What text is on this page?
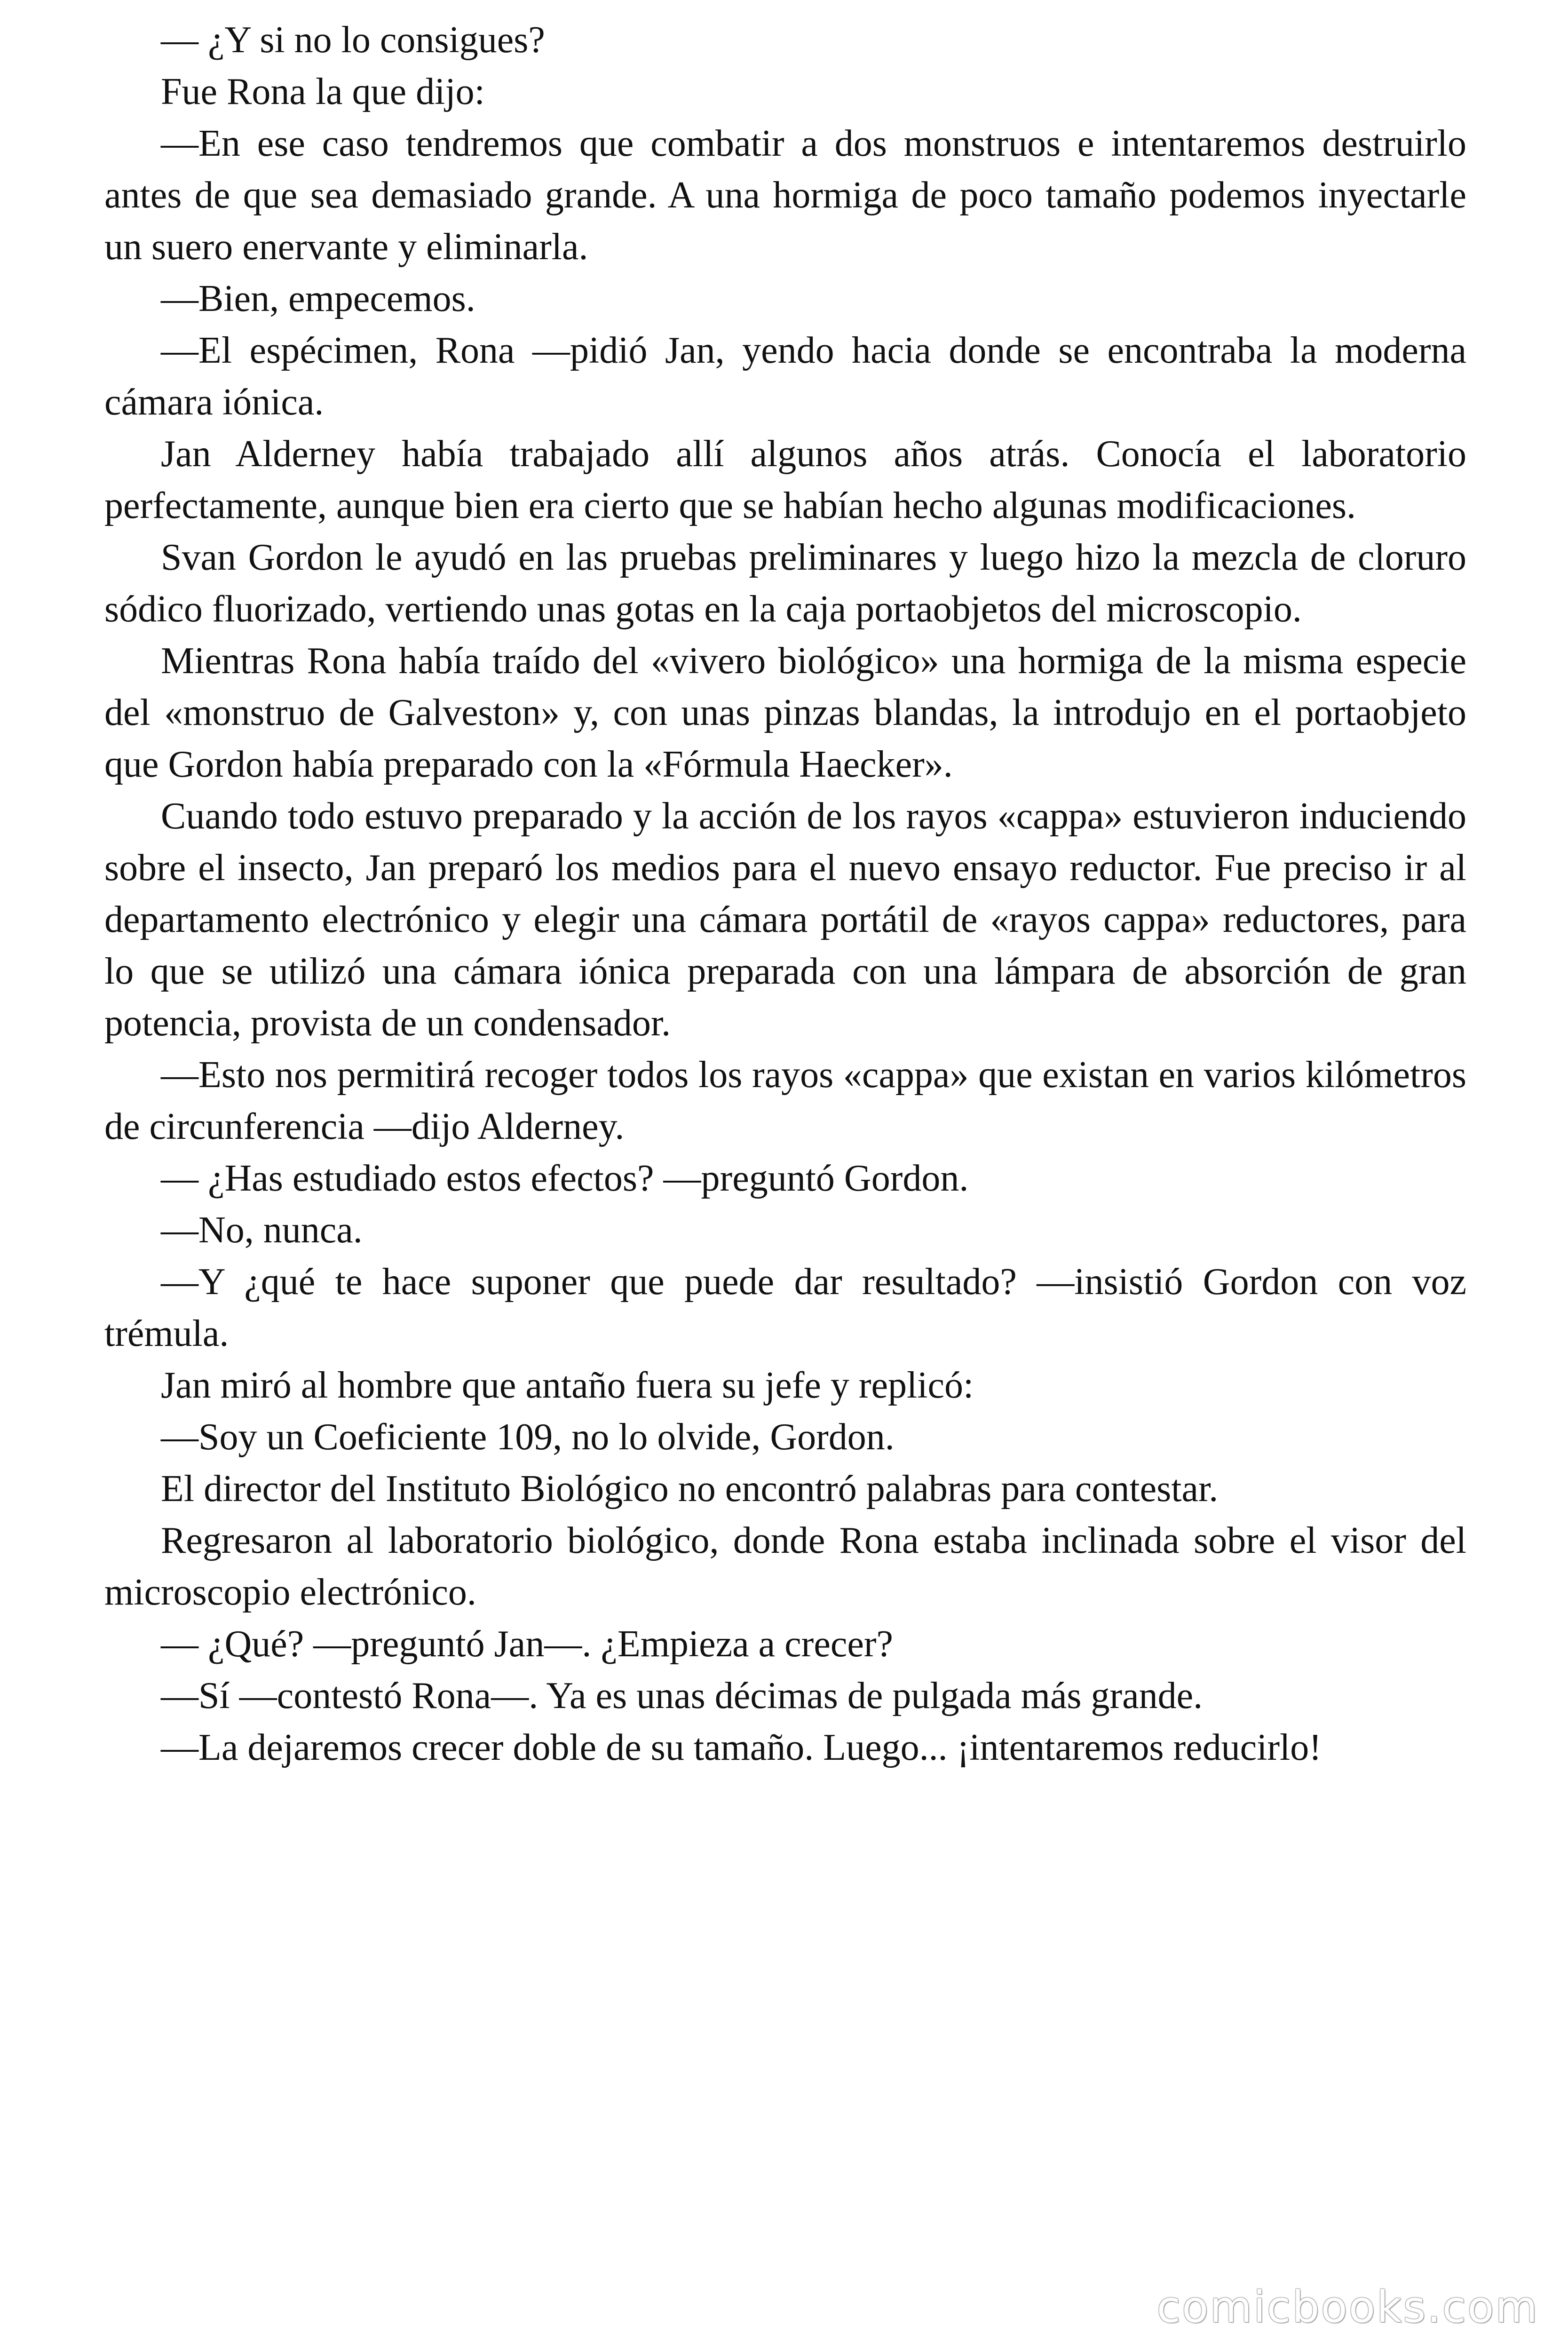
— ¿Y si no lo consigues?

Fue Rona la que dijo:

—En ese caso tendremos que combatir a dos monstruos e intentaremos destruirlo antes de que sea demasiado grande. A una hormiga de poco tamaño podemos inyectarle un suero enervante y eliminarla.

—Bien, empecemos.

—El espécimen, Rona —pidió Jan, yendo hacia donde se encontraba la moderna cámara iónica.

Jan Alderney había trabajado allí algunos años atrás. Conocía el laboratorio perfectamente, aunque bien era cierto que se habían hecho algunas modificaciones.

Svan Gordon le ayudó en las pruebas preliminares y luego hizo la mezcla de cloruro sódico fluorizado, vertiendo unas gotas en la caja portaobjetos del microscopio.

Mientras Rona había traído del «vivero biológico» una hormiga de la misma especie del «monstruo de Galveston» y, con unas pinzas blandas, la introdujo en el portaobjeto que Gordon había preparado con la «Fórmula Haecker».

Cuando todo estuvo preparado y la acción de los rayos «cappa» estuvieron induciendo sobre el insecto, Jan preparó los medios para el nuevo ensayo reductor. Fue preciso ir al departamento electrónico y elegir una cámara portátil de «rayos cappa» reductores, para lo que se utilizó una cámara iónica preparada con una lámpara de absorción de gran potencia, provista de un condensador.

—Esto nos permitirá recoger todos los rayos «cappa» que existan en varios kilómetros de circunferencia —dijo Alderney.

— ¿Has estudiado estos efectos? —preguntó Gordon.

—No, nunca.

—Y ¿qué te hace suponer que puede dar resultado? —insistió Gordon con voz trémula.

Jan miró al hombre que antaño fuera su jefe y replicó:

—Soy un Coeficiente 109, no lo olvide, Gordon.

El director del Instituto Biológico no encontró palabras para contestar.

Regresaron al laboratorio biológico, donde Rona estaba inclinada sobre el visor del microscopio electrónico.

— ¿Qué? —preguntó Jan—. ¿Empieza a crecer?

—Sí —contestó Rona—. Ya es unas décimas de pulgada más grande.

—La dejaremos crecer doble de su tamaño. Luego... ¡intentaremos reducirlo!

comicbooks.com
